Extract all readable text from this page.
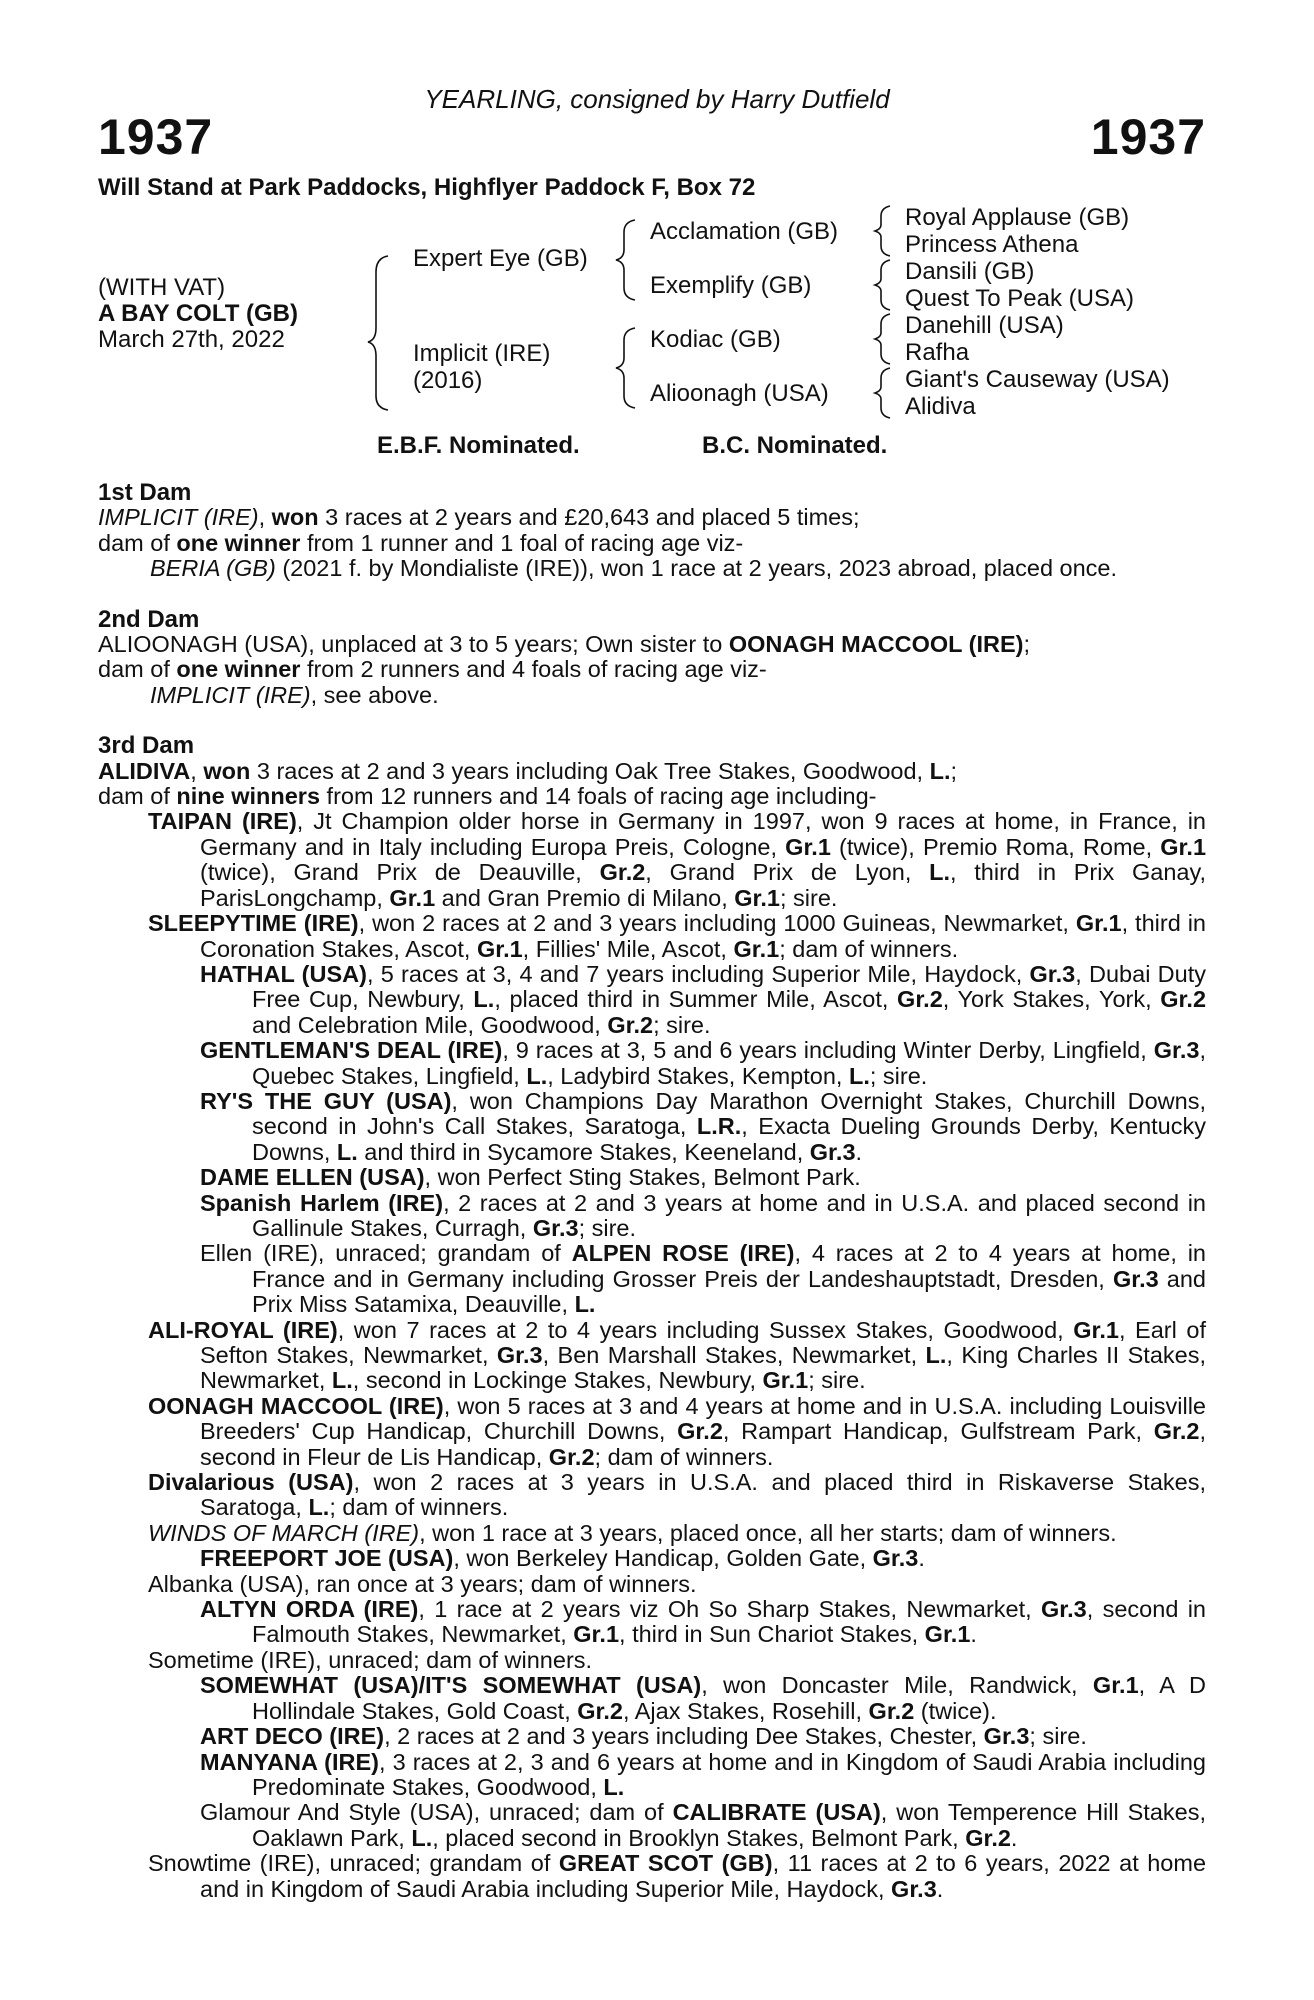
YEARLING, consigned by Harry Dutfield
1937	1937
Will Stand at Park Paddocks, Highflyer Paddock F, Box 72
(WITH VAT)
A BAY COLT (GB)
March 27th, 2022
Expert Eye (GB)
Implicit (IRE)
(2016)
Acclamation (GB)
Exemplify (GB)
Kodiac (GB)
Alioonagh (USA)
Royal Applause (GB)
Princess Athena
Dansili (GB)
Quest To Peak (USA)
Danehill (USA)
Rafha
Giant's Causeway (USA)
Alidiva
E.B.F. Nominated.	B.C. Nominated.

1st Dam

IMPLICIT (IRE), won 3 races at 2 years and £20,643 and placed 5 times;

dam of one winner from 1 runner and 1 foal of racing age viz-

BERIA (GB) (2021 f. by Mondialiste (IRE)), won 1 race at 2 years, 2023 abroad, placed once.

2nd Dam

ALIOONAGH (USA), unplaced at 3 to 5 years; Own sister to OONAGH MACCOOL (IRE);

dam of one winner from 2 runners and 4 foals of racing age viz-

IMPLICIT (IRE), see above.

3rd Dam

ALIDIVA, won 3 races at 2 and 3 years including Oak Tree Stakes, Goodwood, L.;

dam of nine winners from 12 runners and 14 foals of racing age including-

TAIPAN (IRE), Jt Champion older horse in Germany in 1997, won 9 races at home, in France, in Germany and in Italy including Europa Preis, Cologne, Gr.1 (twice), Premio Roma, Rome, Gr.1 (twice), Grand Prix de Deauville, Gr.2, Grand Prix de Lyon, L., third in Prix Ganay, ParisLongchamp, Gr.1 and Gran Premio di Milano, Gr.1; sire.

SLEEPYTIME (IRE), won 2 races at 2 and 3 years including 1000 Guineas, Newmarket, Gr.1, third in Coronation Stakes, Ascot, Gr.1, Fillies' Mile, Ascot, Gr.1; dam of winners.

HATHAL (USA), 5 races at 3, 4 and 7 years including Superior Mile, Haydock, Gr.3, Dubai Duty Free Cup, Newbury, L., placed third in Summer Mile, Ascot, Gr.2, York Stakes, York, Gr.2 and Celebration Mile, Goodwood, Gr.2; sire.

GENTLEMAN'S DEAL (IRE), 9 races at 3, 5 and 6 years including Winter Derby, Lingfield, Gr.3, Quebec Stakes, Lingfield, L., Ladybird Stakes, Kempton, L.; sire.

RY'S THE GUY (USA), won Champions Day Marathon Overnight Stakes, Churchill Downs, second in John's Call Stakes, Saratoga, L.R., Exacta Dueling Grounds Derby, Kentucky Downs, L. and third in Sycamore Stakes, Keeneland, Gr.3.

DAME ELLEN (USA), won Perfect Sting Stakes, Belmont Park.

Spanish Harlem (IRE), 2 races at 2 and 3 years at home and in U.S.A. and placed second in Gallinule Stakes, Curragh, Gr.3; sire.

Ellen (IRE), unraced; grandam of ALPEN ROSE (IRE), 4 races at 2 to 4 years at home, in France and in Germany including Grosser Preis der Landeshauptstadt, Dresden, Gr.3 and Prix Miss Satamixa, Deauville, L.

ALI-ROYAL (IRE), won 7 races at 2 to 4 years including Sussex Stakes, Goodwood, Gr.1, Earl of Sefton Stakes, Newmarket, Gr.3, Ben Marshall Stakes, Newmarket, L., King Charles II Stakes, Newmarket, L., second in Lockinge Stakes, Newbury, Gr.1; sire.

OONAGH MACCOOL (IRE), won 5 races at 3 and 4 years at home and in U.S.A. including Louisville Breeders' Cup Handicap, Churchill Downs, Gr.2, Rampart Handicap, Gulfstream Park, Gr.2, second in Fleur de Lis Handicap, Gr.2; dam of winners.

Divalarious (USA), won 2 races at 3 years in U.S.A. and placed third in Riskaverse Stakes, Saratoga, L.; dam of winners.

WINDS OF MARCH (IRE), won 1 race at 3 years, placed once, all her starts; dam of winners.

FREEPORT JOE (USA), won Berkeley Handicap, Golden Gate, Gr.3.

Albanka (USA), ran once at 3 years; dam of winners.

ALTYN ORDA (IRE), 1 race at 2 years viz Oh So Sharp Stakes, Newmarket, Gr.3, second in Falmouth Stakes, Newmarket, Gr.1, third in Sun Chariot Stakes, Gr.1.

Sometime (IRE), unraced; dam of winners.

SOMEWHAT (USA)/IT'S SOMEWHAT (USA), won Doncaster Mile, Randwick, Gr.1, A D Hollindale Stakes, Gold Coast, Gr.2, Ajax Stakes, Rosehill, Gr.2 (twice).

ART DECO (IRE), 2 races at 2 and 3 years including Dee Stakes, Chester, Gr.3; sire.

MANYANA (IRE), 3 races at 2, 3 and 6 years at home and in Kingdom of Saudi Arabia including Predominate Stakes, Goodwood, L.

Glamour And Style (USA), unraced; dam of CALIBRATE (USA), won Temperence Hill Stakes, Oaklawn Park, L., placed second in Brooklyn Stakes, Belmont Park, Gr.2.

Snowtime (IRE), unraced; grandam of GREAT SCOT (GB), 11 races at 2 to 6 years, 2022 at home and in Kingdom of Saudi Arabia including Superior Mile, Haydock, Gr.3.
